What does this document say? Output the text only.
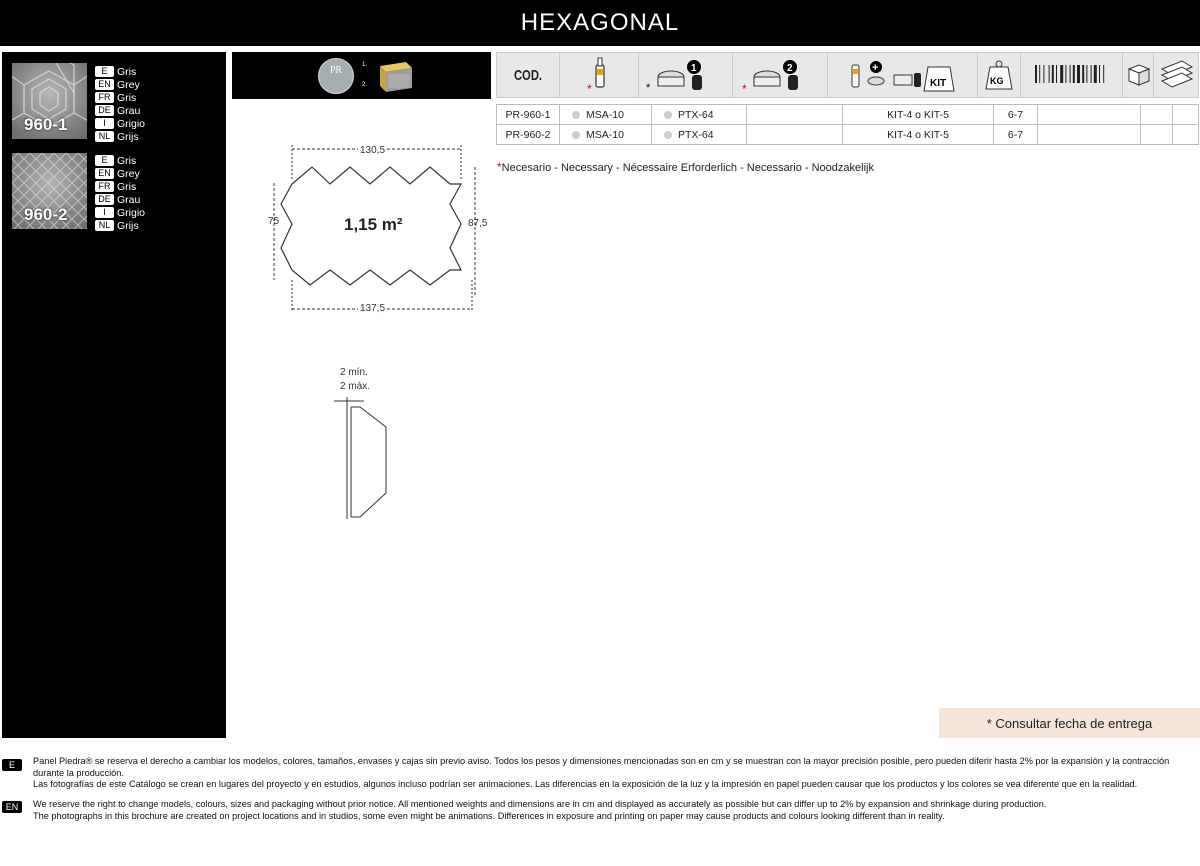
HEXAGONAL
960-1
E Gris
EN Grey
FR Gris
DE Grau
I	Grigio
NL Grijs
960-2
E Gris
EN Grey
FR Gris
DE Grau
I	Grigio
NL Grijs
PR	1.
2.
COD.
*
1
*
2
*
+
KIT	KG
PR-960-1	MSA-10	PTX-64		KIT-4 o KIT-5	6-7			
PR-960-2	MSA-10	PTX-64		KIT-4 o KIT-5	6-7			
*Necesario - Necessary - Nécessaire Erforderlich - Necessario - Noodzakelijk
130,5
137,5
75	87,5
1,15 m²
2 mín.
2 máx.
* Consultar fecha de entrega
E	Panel Piedra® se reserva el derecho a cambiar los modelos, colores, tamaños, envases y cajas sin previo aviso. Todos los pesos y dimensiones mencionadas son en cm y se muestran con la mayor precisión posible, pero pueden diferir hasta 2% por la expansión y la contracción durante la producción.
Las fotografías de este Catálogo se crean en lugares del proyecto y en estudios, algunos incluso podrían ser animaciones. Las diferencias en la exposición de la luz y la impresión en papel pueden causar que los productos y los colores se vea diferente que en la realidad.
EN	We reserve the right to change models, colours, sizes and packaging without prior notice. All mentioned weights and dimensions are in cm and displayed as accurately as possible but can differ up to 2% by expansion and shrinkage during production.
The photographs in this brochure are created on project locations and in studios, some even might be animations. Differences in exposure and printing on paper may cause products and colours looking different than in reality.
